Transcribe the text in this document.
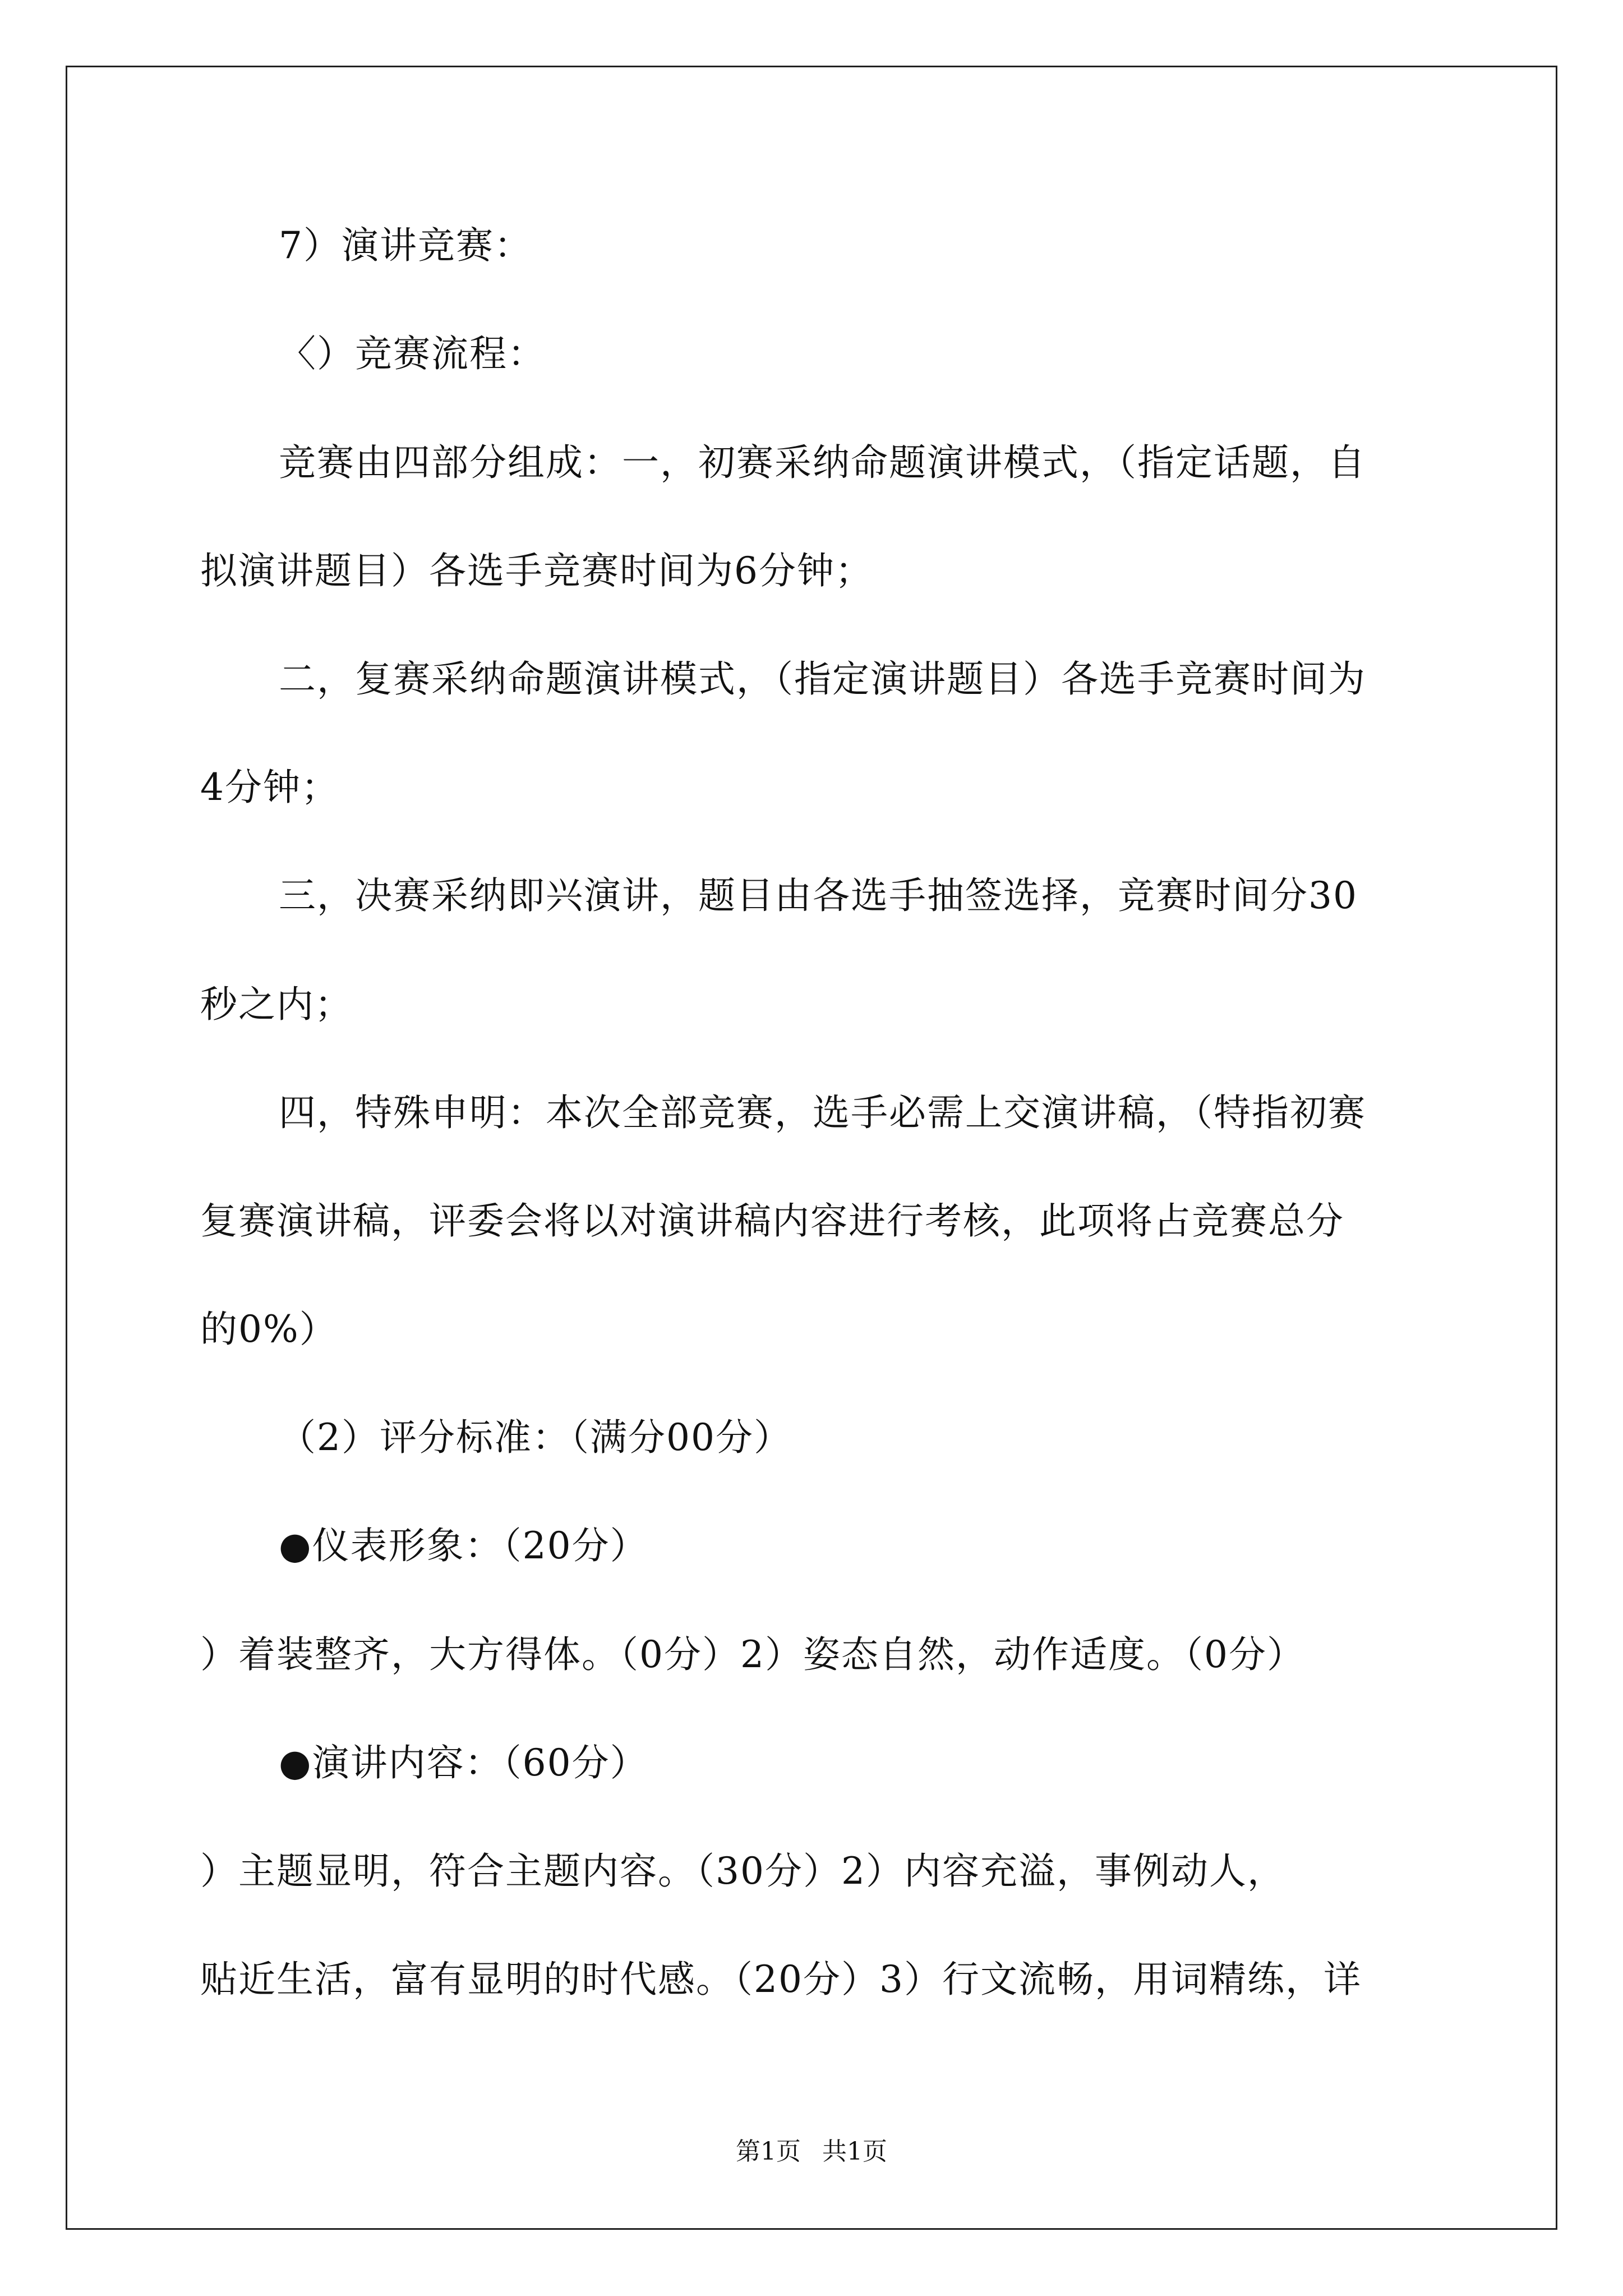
7）演讲竞赛：
〈）竞赛流程：
竞赛由四部分组成：一，初赛采纳命题演讲模式，（指定话题，自
拟演讲题目）各选手竞赛时间为6分钟；
二，复赛采纳命题演讲模式，（指定演讲题目）各选手竞赛时间为
4分钟；
三，决赛采纳即兴演讲，题目由各选手抽签选择，竞赛时间分30
秒之内；
四，特殊申明：本次全部竞赛，选手必需上交演讲稿，（特指初赛
复赛演讲稿，评委会将以对演讲稿内容进行考核，此项将占竞赛总分
的0%）
（2）评分标准：（满分00分）
●仪表形象：（20分）
）着装整齐，大方得体。（0分）2）姿态自然，动作适度。（0分）
●演讲内容：（60分）
）主题显明，符合主题内容。（30分）2）内容充溢，事例动人，
贴近生活，富有显明的时代感。（20分）3）行文流畅，用词精练，详
第1页 共1页
